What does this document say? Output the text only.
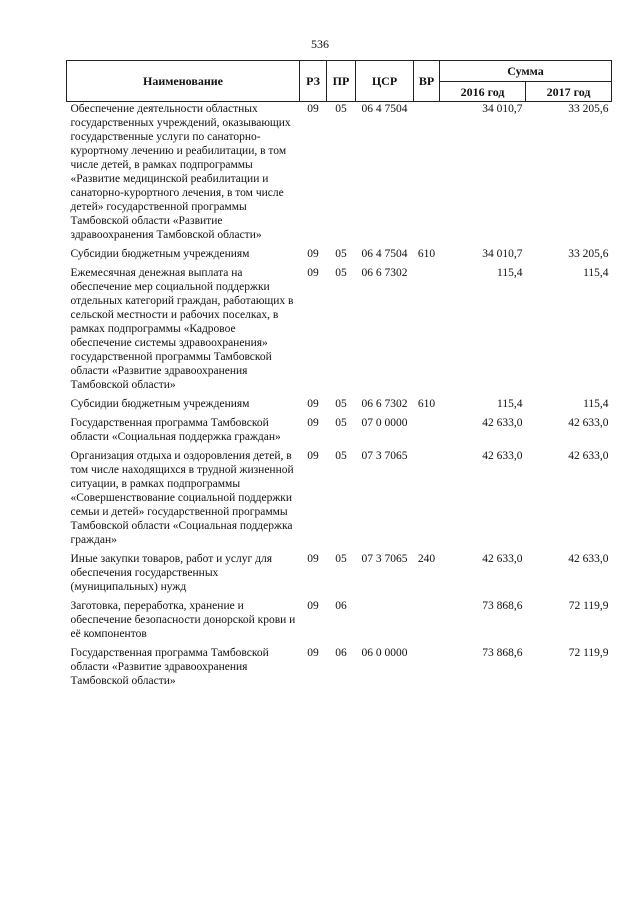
536
Наименование	РЗ	ПР	ЦСР	ВР	Сумма	
					2016 год	2017 год
Обеспечение деятельности областных государственных учреждений, оказывающих государственные услуги по санаторно-курортному лечению и реабилитации, в том числе детей, в рамках подпрограммы «Развитие медицинской реабилитации и санаторно-курортного лечения, в том числе детей» государственной программы Тамбовской области «Развитие здравоохранения Тамбовской области»	09	05	06 4 7504		34 010,7	33 205,6
Субсидии бюджетным учреждениям	09	05	06 4 7504	610	34 010,7	33 205,6
Ежемесячная денежная выплата на обеспечение мер социальной поддержки отдельных категорий граждан, работающих в сельской местности и рабочих поселках, в рамках подпрограммы «Кадровое обеспечение системы здравоохранения» государственной программы Тамбовской области «Развитие здравоохранения Тамбовской области»	09	05	06 6 7302		115,4	115,4
Субсидии бюджетным учреждениям	09	05	06 6 7302	610	115,4	115,4
Государственная программа Тамбовской области «Социальная поддержка граждан»	09	05	07 0 0000		42 633,0	42 633,0
Организация отдыха и оздоровления детей, в том числе находящихся в трудной жизненной ситуации, в рамках подпрограммы «Совершенствование социальной поддержки семьи и детей» государственной программы Тамбовской области «Социальная поддержка граждан»	09	05	07 3 7065		42 633,0	42 633,0
Иные закупки товаров, работ и услуг для обеспечения государственных (муниципальных) нужд	09	05	07 3 7065	240	42 633,0	42 633,0
Заготовка, переработка, хранение и обеспечение безопасности донорской крови и её компонентов	09	06			73 868,6	72 119,9
Государственная программа Тамбовской области «Развитие здравоохранения Тамбовской области»	09	06	06 0 0000		73 868,6	72 119,9
